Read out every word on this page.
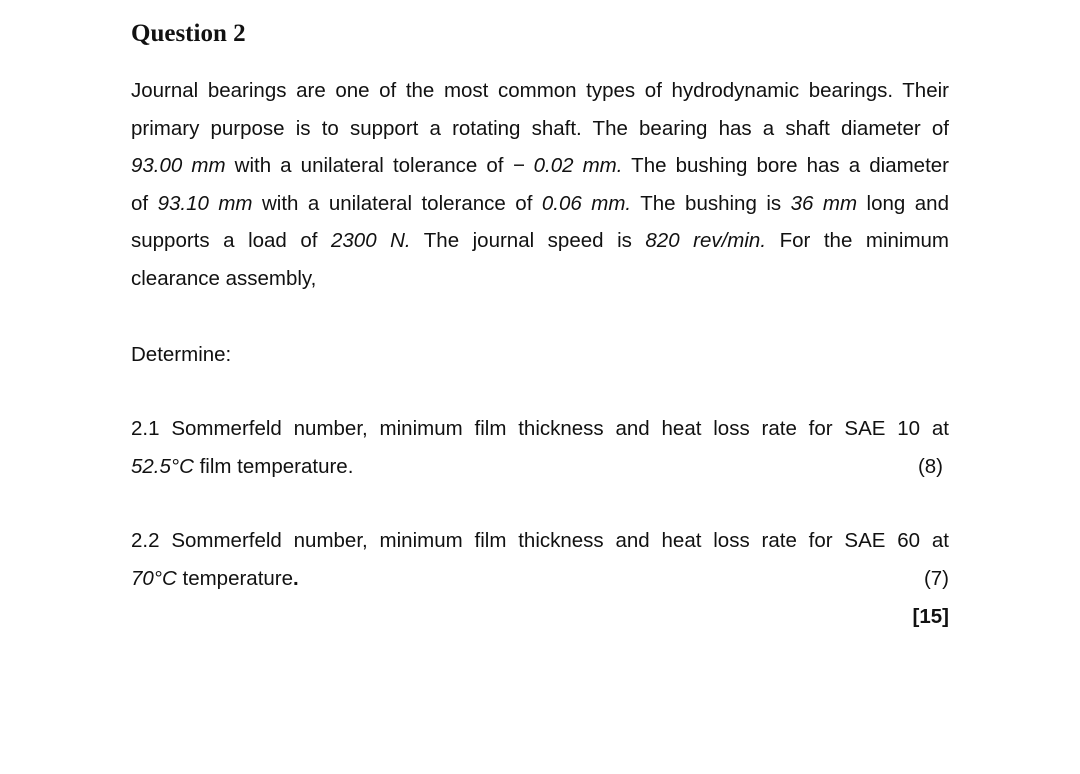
Question 2
Journal bearings are one of the most common types of hydrodynamic bearings. Their
primary purpose is to support a rotating shaft. The bearing has a shaft diameter of
93.00 mm with a unilateral tolerance of − 0.02 mm. The bushing bore has a diameter
of 93.10 mm with a unilateral tolerance of 0.06 mm. The bushing is 36 mm long and
supports a load of 2300 N. The journal speed is 820 rev/min. For the minimum
clearance assembly,
Determine:
2.1 Sommerfeld number, minimum film thickness and heat loss rate for SAE 10 at
52.5°C film temperature.	(8)
2.2 Sommerfeld number, minimum film thickness and heat loss rate for SAE 60 at
70°C temperature.	(7)
[15]
